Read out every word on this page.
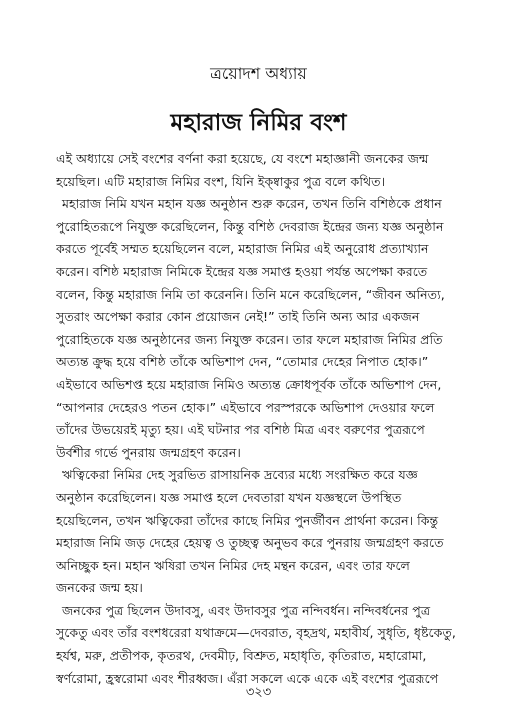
ত্রয়োদশ অধ্যায়
মহারাজ নিমির বংশ
এই অধ্যায়ে সেই বংশের বর্ণনা করা হয়েছে, যে বংশে মহাজ্ঞানী জনকের জন্ম
হয়েছিল। এটি মহারাজ নিমির বংশ, যিনি ইক্ষ্বাকুর পুত্র বলে কথিত।
মহারাজ নিমি যখন মহান যজ্ঞ অনুষ্ঠান শুরু করেন, তখন তিনি বশিষ্ঠকে প্রধান
পুরোহিতরূপে নিযুক্ত করেছিলেন, কিন্তু বশিষ্ঠ দেবরাজ ইন্দ্রের জন্য যজ্ঞ অনুষ্ঠান
করতে পূর্বেই সম্মত হয়েছিলেন বলে, মহারাজ নিমির এই অনুরোধ প্রত্যাখ্যান
করেন। বশিষ্ঠ মহারাজ নিমিকে ইন্দ্রের যজ্ঞ সমাপ্ত হওয়া পর্যন্ত অপেক্ষা করতে
বলেন, কিন্তু মহারাজ নিমি তা করেননি। তিনি মনে করেছিলেন, “জীবন অনিত্য,
সুতরাং অপেক্ষা করার কোন প্রয়োজন নেই!” তাই তিনি অন্য আর একজন
পুরোহিতকে যজ্ঞ অনুষ্ঠানের জন্য নিযুক্ত করেন। তার ফলে মহারাজ নিমির প্রতি
অত্যন্ত ক্রুদ্ধ হয়ে বশিষ্ঠ তাঁকে অভিশাপ দেন, “তোমার দেহের নিপাত হোক।”
এইভাবে অভিশপ্ত হয়ে মহারাজ নিমিও অত্যন্ত ক্রোধপূর্বক তাঁকে অভিশাপ দেন,
“আপনার দেহেরও পতন হোক।” এইভাবে পরস্পরকে অভিশাপ দেওয়ার ফলে
তাঁদের উভয়েরই মৃত্যু হয়। এই ঘটনার পর বশিষ্ঠ মিত্র এবং বরুণের পুত্ররূপে
উর্বশীর গর্ভে পুনরায় জন্মগ্রহণ করেন।
ঋত্বিকেরা নিমির দেহ সুরভিত রাসায়নিক দ্রব্যের মধ্যে সংরক্ষিত করে যজ্ঞ
অনুষ্ঠান করেছিলেন। যজ্ঞ সমাপ্ত হলে দেবতারা যখন যজ্ঞস্থলে উপস্থিত
হয়েছিলেন, তখন ঋত্বিকেরা তাঁদের কাছে নিমির পুনর্জীবন প্রার্থনা করেন। কিন্তু
মহারাজ নিমি জড় দেহের হেয়ত্ব ও তুচ্ছত্ব অনুভব করে পুনরায় জন্মগ্রহণ করতে
অনিচ্ছুক হন। মহান ঋষিরা তখন নিমির দেহ মন্থন করেন, এবং তার ফলে
জনকের জন্ম হয়।
জনকের পুত্র ছিলেন উদাবসু, এবং উদাবসুর পুত্র নন্দিবর্ধন। নন্দিবর্ধনের পুত্র
সুকেতু এবং তাঁর বংশধরেরা যথাক্রমে—দেবরাত, বৃহদ্রথ, মহাবীর্য, সুধৃতি, ধৃষ্টকেতু,
হর্যশ্ব, মরু, প্রতীপক, কৃতরথ, দেবমীঢ়, বিশ্রুত, মহাধৃতি, কৃতিরাত, মহারোমা,
স্বর্ণরোমা, হ্রস্বরোমা এবং শীরধ্বজ। এঁরা সকলে একে একে এই বংশের পুত্ররূপে
৩২৩
